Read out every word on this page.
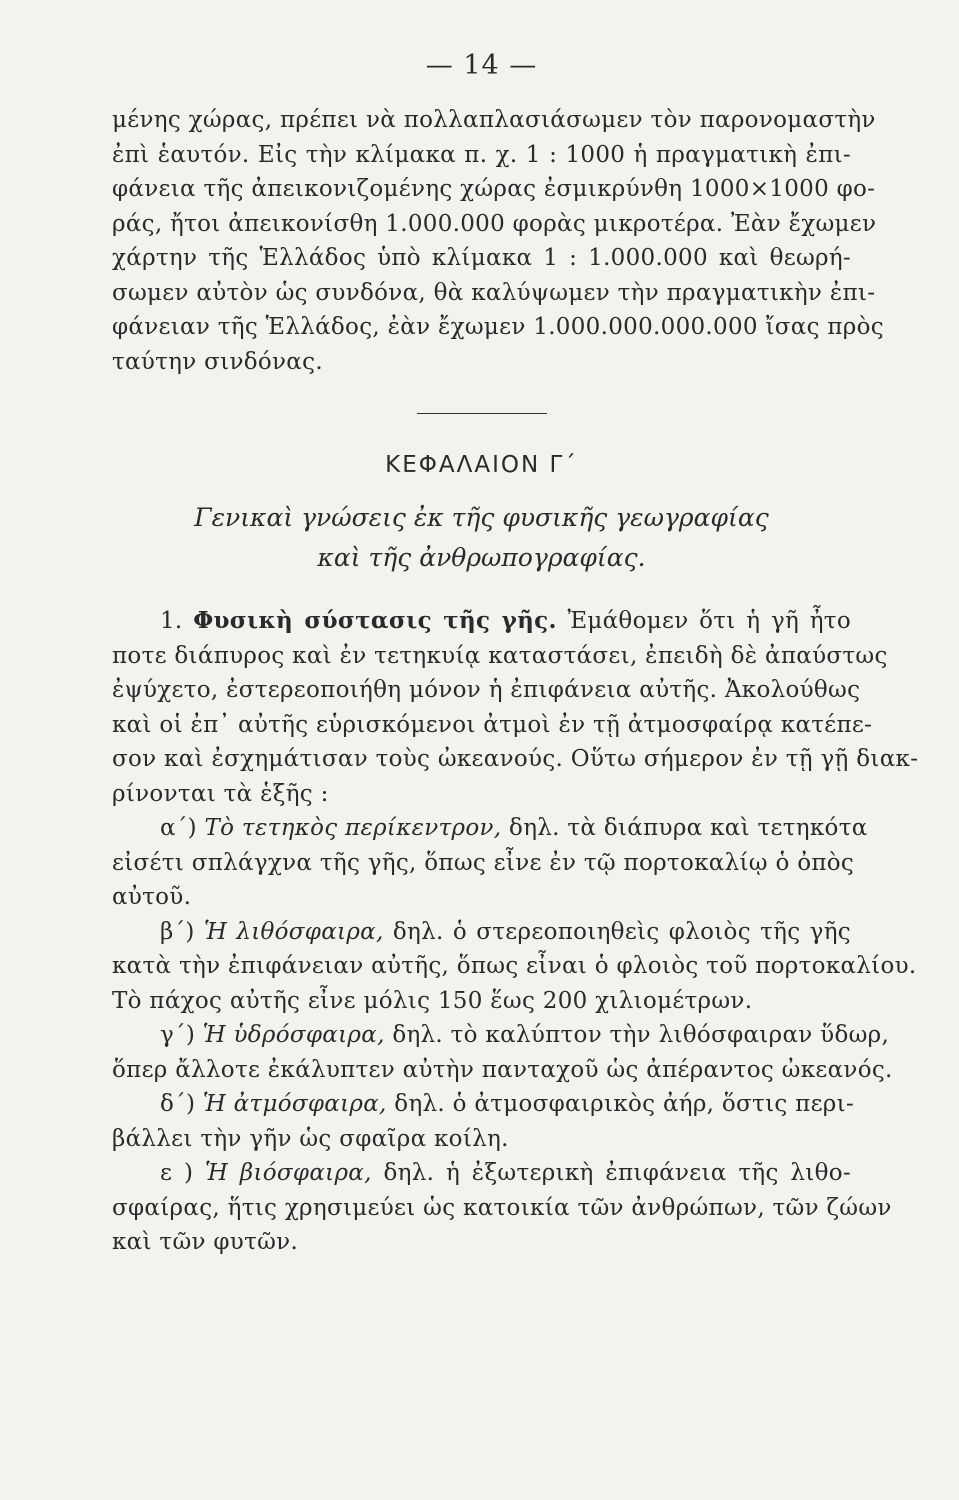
— 14 —
μένης χώρας, πρέπει νὰ πολλαπλασιάσωμεν τὸν παρονομαστὴν
ἐπὶ ἑαυτόν. Εἰς τὴν κλίμακα π. χ. 1 : 1000 ἡ πραγματικὴ ἐπι-
φάνεια τῆς ἀπεικονιζομένης χώρας ἐσμικρύνθη 1000×1000 φο-
ράς, ἤτοι ἀπεικονίσθη 1.000.000 φορὰς μικροτέρα. Ἐὰν ἔχωμεν
χάρτην τῆς Ἑλλάδος ὑπὸ κλίμακα 1 : 1.000.000 καὶ θεωρή-
σωμεν αὐτὸν ὡς συνδόνα, θὰ καλύψωμεν τὴν πραγματικὴν ἐπι-
φάνειαν τῆς Ἑλλάδος, ἐὰν ἔχωμεν 1.000.000.000.000 ἴσας πρὸς
ταύτην σινδόνας.
ΚΕΦΑΛΑΙΟΝ Γ΄
Γενικαὶ γνώσεις ἐκ τῆς φυσικῆς γεωγραφίας
καὶ τῆς ἀνθρωπογραφίας.
1. Φυσικὴ σύστασις τῆς γῆς. Ἐμάθομεν ὅτι ἡ γῆ ἦτο
ποτε διάπυρος καὶ ἐν τετηκυίᾳ καταστάσει, ἐπειδὴ δὲ ἀπαύστως
ἐψύχετο, ἐστερεοποιήθη μόνον ἡ ἐπιφάνεια αὐτῆς. Ἀκολούθως
καὶ οἱ ἐπ᾽ αὐτῆς εὑρισκόμενοι ἀτμοὶ ἐν τῇ ἀτμοσφαίρᾳ κατέπε-
σον καὶ ἐσχημάτισαν τοὺς ὠκεανούς. Οὕτω σήμερον ἐν τῇ γῇ διακ-
ρίνονται τὰ ἑξῆς :
α΄) Τὸ τετηκὸς περίκεντρον, δηλ. τὰ διάπυρα καὶ τετηκότα
εἰσέτι σπλάγχνα τῆς γῆς, ὅπως εἶνε ἐν τῷ πορτοκαλίῳ ὁ ὀπὸς
αὐτοῦ.
β΄) Ἡ λιθόσφαιρα, δηλ. ὁ στερεοποιηθεὶς φλοιὸς τῆς γῆς
κατὰ τὴν ἐπιφάνειαν αὐτῆς, ὅπως εἶναι ὁ φλοιὸς τοῦ πορτοκαλίου.
Τὸ πάχος αὐτῆς εἶνε μόλις 150 ἕως 200 χιλιομέτρων.
γ΄) Ἡ ὑδρόσφαιρα, δηλ. τὸ καλύπτον τὴν λιθόσφαιραν ὕδωρ,
ὅπερ ἄλλοτε ἐκάλυπτεν αὐτὴν πανταχοῦ ὡς ἀπέραντος ὠκεανός.
δ΄) Ἡ ἀτμόσφαιρα, δηλ. ὁ ἀτμοσφαιρικὸς ἀήρ, ὅστις περι-
βάλλει τὴν γῆν ὡς σφαῖρα κοίλη.
ε ) Ἡ βιόσφαιρα, δηλ. ἡ ἐξωτερικὴ ἐπιφάνεια τῆς λιθο-
σφαίρας, ἥτις χρησιμεύει ὡς κατοικία τῶν ἀνθρώπων, τῶν ζώων
καὶ τῶν φυτῶν.
